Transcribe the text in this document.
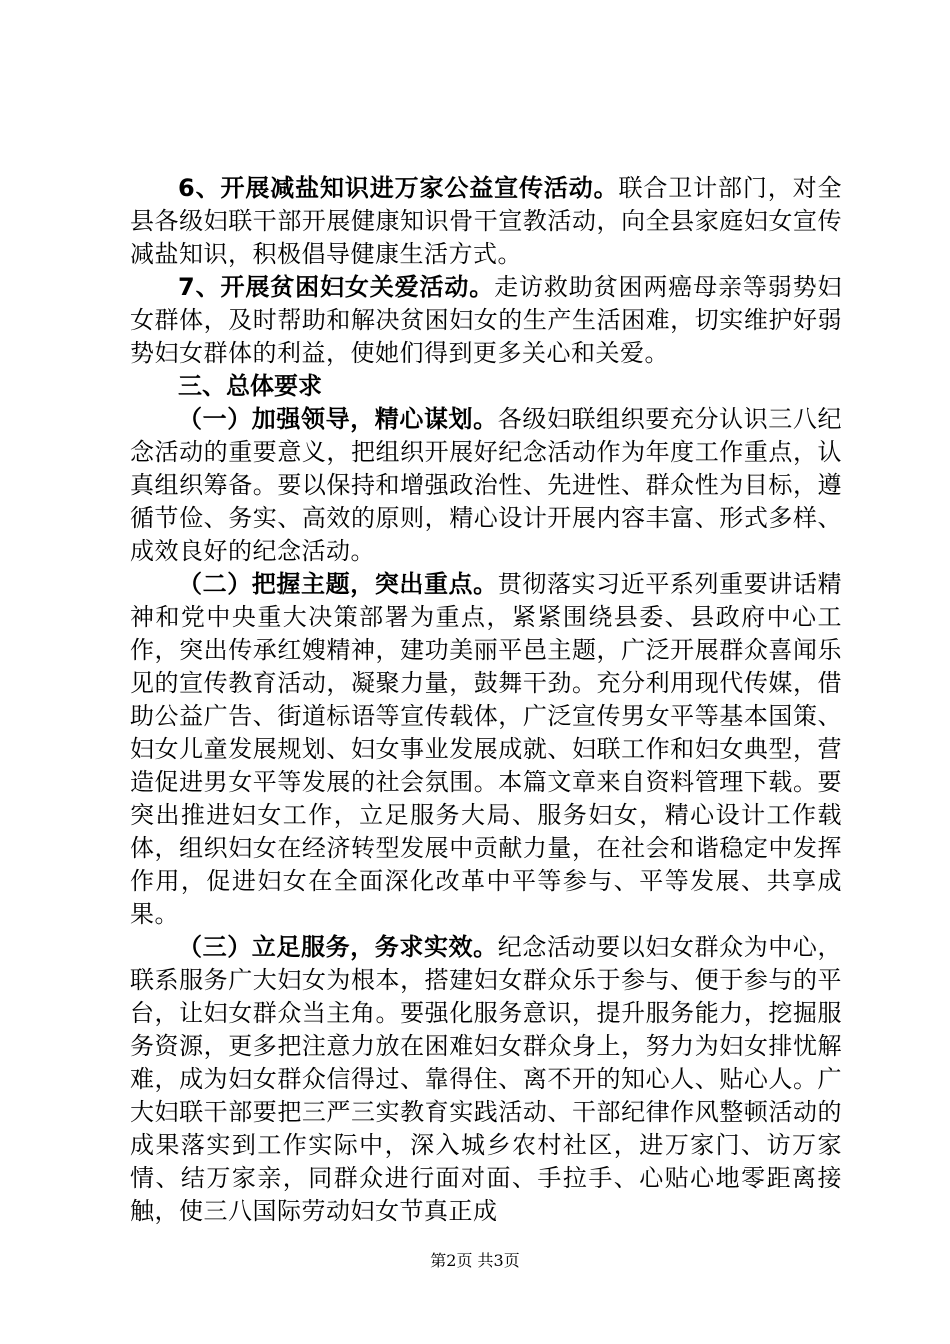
6、开展减盐知识进万家公益宣传活动。联合卫计部门，对全县各级妇联干部开展健康知识骨干宣教活动，向全县家庭妇女宣传减盐知识，积极倡导健康生活方式。

7、开展贫困妇女关爱活动。走访救助贫困两癌母亲等弱势妇女群体，及时帮助和解决贫困妇女的生产生活困难，切实维护好弱势妇女群体的利益，使她们得到更多关心和关爱。

三、总体要求

（一）加强领导，精心谋划。各级妇联组织要充分认识三八纪念活动的重要意义，把组织开展好纪念活动作为年度工作重点，认真组织筹备。要以保持和增强政治性、先进性、群众性为目标，遵循节俭、务实、高效的原则，精心设计开展内容丰富、形式多样、成效良好的纪念活动。

（二）把握主题，突出重点。贯彻落实习近平系列重要讲话精神和党中央重大决策部署为重点，紧紧围绕县委、县政府中心工作，突出传承红嫂精神，建功美丽平邑主题，广泛开展群众喜闻乐见的宣传教育活动，凝聚力量，鼓舞干劲。充分利用现代传媒，借助公益广告、街道标语等宣传载体，广泛宣传男女平等基本国策、妇女儿童发展规划、妇女事业发展成就、妇联工作和妇女典型，营造促进男女平等发展的社会氛围。本篇文章来自资料管理下载。要突出推进妇女工作，立足服务大局、服务妇女，精心设计工作载体，组织妇女在经济转型发展中贡献力量，在社会和谐稳定中发挥作用，促进妇女在全面深化改革中平等参与、平等发展、共享成果。

（三）立足服务，务求实效。纪念活动要以妇女群众为中心，联系服务广大妇女为根本，搭建妇女群众乐于参与、便于参与的平台，让妇女群众当主角。要强化服务意识，提升服务能力，挖掘服务资源，更多把注意力放在困难妇女群众身上，努力为妇女排忧解难，成为妇女群众信得过、靠得住、离不开的知心人、贴心人。广大妇联干部要把三严三实教育实践活动、干部纪律作风整顿活动的成果落实到工作实际中，深入城乡农村社区，进万家门、访万家情、结万家亲，同群众进行面对面、手拉手、心贴心地零距离接触，使三八国际劳动妇女节真正成

第2页 共3页
